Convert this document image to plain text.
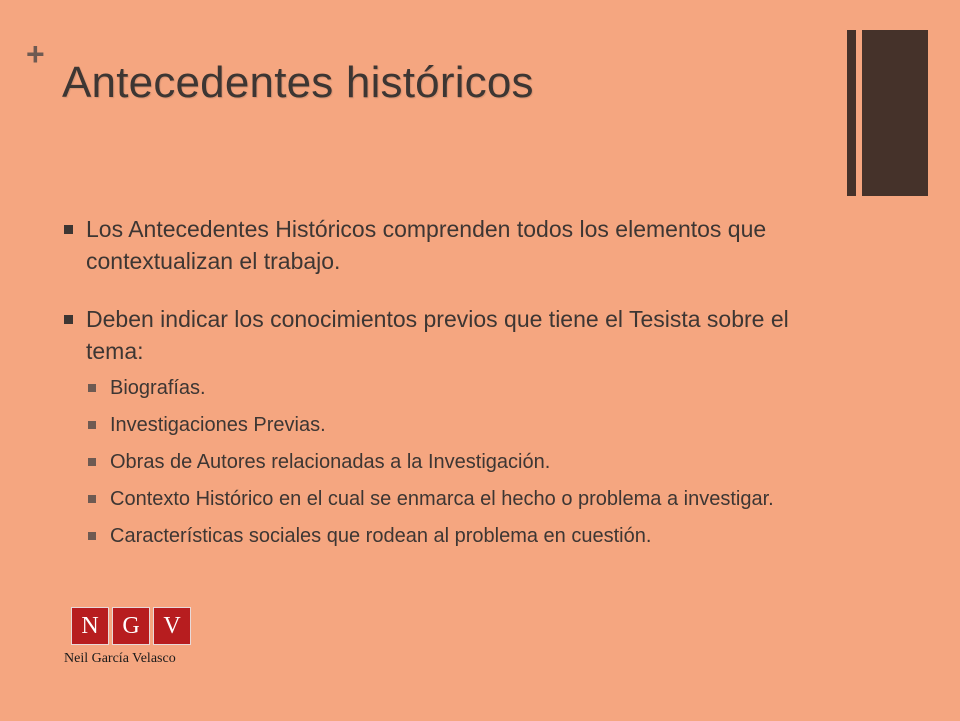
+
Antecedentes históricos
Los Antecedentes Históricos comprenden todos los elementos que contextualizan el trabajo.
Deben indicar los conocimientos previos que tiene el Tesista sobre el tema:
Biografías.
Investigaciones Previas.
Obras de Autores relacionadas a la Investigación.
Contexto Histórico en el cual se enmarca el hecho o problema a investigar.
Características sociales que rodean al problema en cuestión.
N G V
Neil García Velasco
